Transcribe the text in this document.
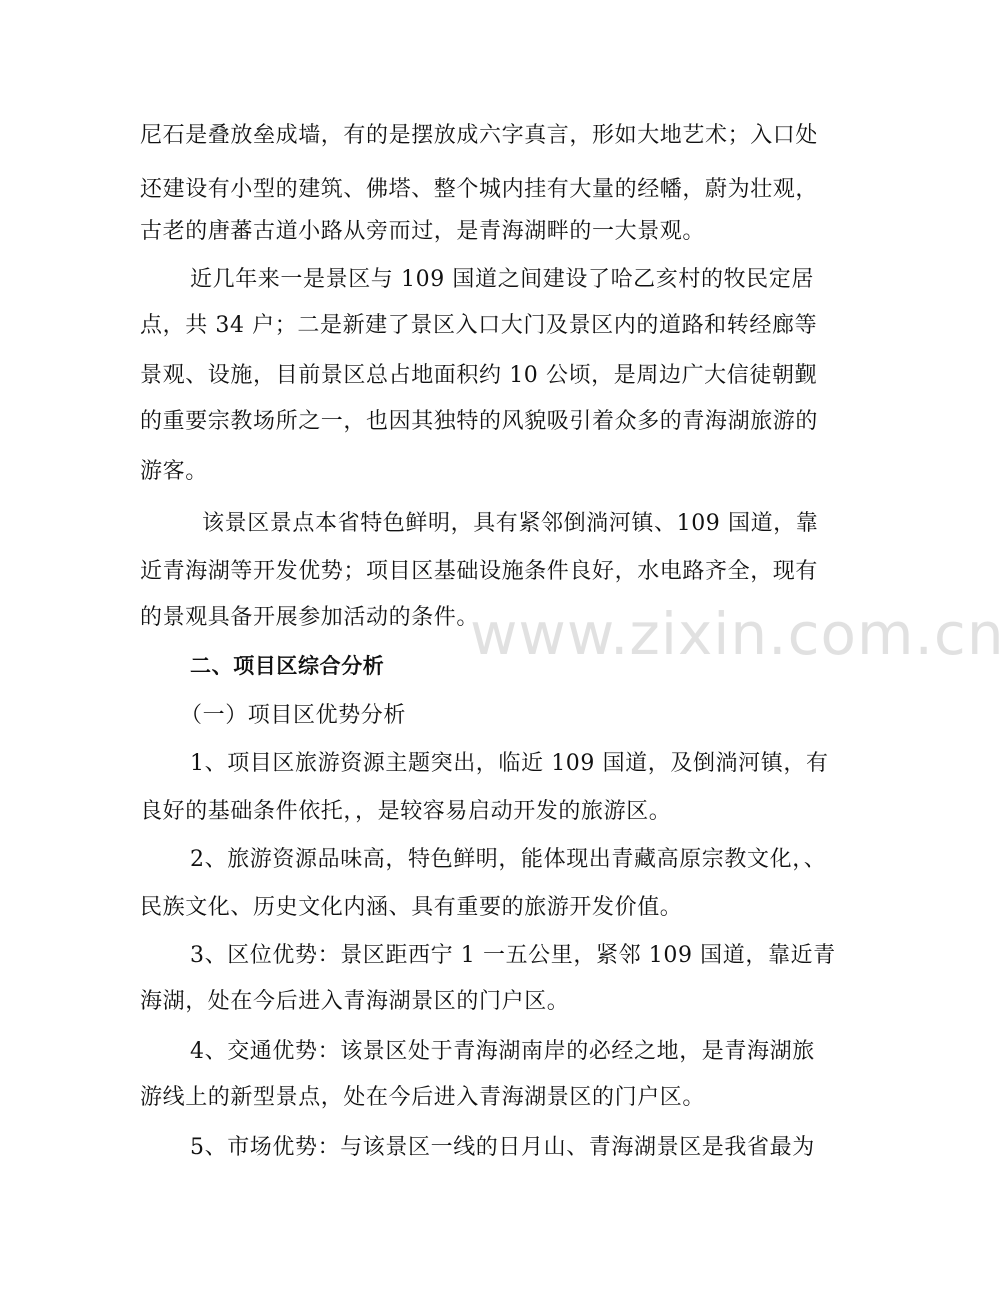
尼石是叠放垒成墙，有的是摆放成六字真言，形如大地艺术；入口处
还建设有小型的建筑、佛塔、整个城内挂有大量的经幡，蔚为壮观，
古老的唐蕃古道小路从旁而过，是青海湖畔的一大景观。
近几年来一是景区与 109 国道之间建设了哈乙亥村的牧民定居
点，共 34 户；二是新建了景区入口大门及景区内的道路和转经廊等
景观、设施，目前景区总占地面积约 10 公顷，是周边广大信徒朝觐
的重要宗教场所之一，也因其独特的风貌吸引着众多的青海湖旅游的
游客。
该景区景点本省特色鲜明，具有紧邻倒淌河镇、109 国道，靠
近青海湖等开发优势；项目区基础设施条件良好，水电路齐全，现有
的景观具备开展参加活动的条件。
二、项目区综合分析
（一）项目区优势分析
1、项目区旅游资源主题突出，临近 109 国道，及倒淌河镇，有
良好的基础条件依托，，是较容易启动开发的旅游区。
2、旅游资源品味高，特色鲜明，能体现出青藏高原宗教文化，、
民族文化、历史文化内涵、具有重要的旅游开发价值。
3、区位优势：景区距西宁 1 一五公里，紧邻 109 国道，靠近青
海湖，处在今后进入青海湖景区的门户区。
4、交通优势：该景区处于青海湖南岸的必经之地，是青海湖旅
游线上的新型景点，处在今后进入青海湖景区的门户区。
5、市场优势：与该景区一线的日月山、青海湖景区是我省最为
www.zixin.com.cn
